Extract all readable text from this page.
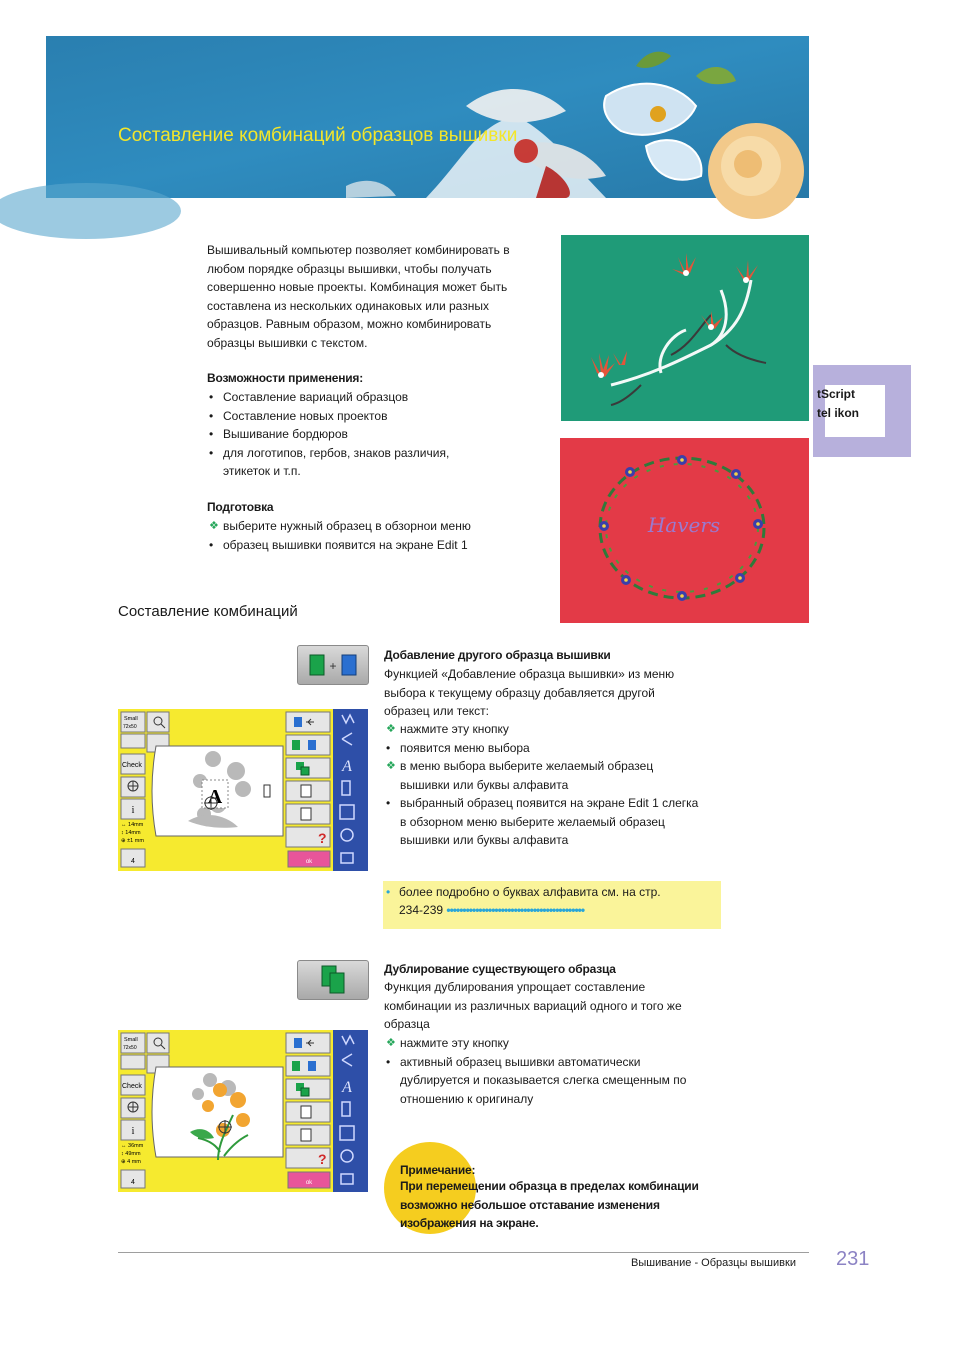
Составление комбинаций образцов вышивки
Вышивальный компьютер позволяет комбинировать в
любом порядке образцы вышивки, чтобы получать
совершенно новые проекты. Комбинация может быть
составлена из нескольких одинаковых или разных
образцов. Равным образом, можно комбинировать
образцы вышивки с текстом.
Возможности применения:
•
Составление вариаций образцов
•
Составление новых проектов
•
Вышивание бордюров
•
для логотипов, гербов, знаков различия,
этикеток и т.п.
Подготовка
❖ выберите нужный образец в обзорнои меню
•
образец вышивки появится на экране Edit 1
Havers
tScript
tel ikon
Составление комбинаций
+
Добавление другого образца вышивки
Функцией «Добавление образца вышивки» из меню
выбора к текущему образцу добавляется другой
образец или текст:
❖ нажмите эту кнопку
•
появится меню выбора
❖ в меню выбора выберите желаемый образец
вышивки или буквы алфавита
•
выбранный образец появится на экране Edit 1 слегка
в обзорном меню выберите желаемый образец
вышивки или буквы алфавита
Small
72x50
Check
4
↔ 14mm
↕ 14mm
⊕ ±1 mm
i
A
?
ok
A

• более подробно о буквах алфавита см. на стр.

234-239 •••••••••••••••••••••••••••••••••••••••••••

Дублирование существующего образца
Функция дублирования упрощает составление
комбинации из различных вариаций одного и того же
образца
❖ нажмите эту кнопку
•
активный образец вышивки автоматически
дублируется и показывается слегка смещенным по
отношению к оригиналу
Small
72x50
Check
4
↔ 36mm
↕ 49mm
⊕ 4 mm
i
?
ok
A
Примечание:
При перемещении образца в пределах комбинации
возможно небольшое отставание изменения
изображения на экране.
Вышивание - Образцы вышивки 231
